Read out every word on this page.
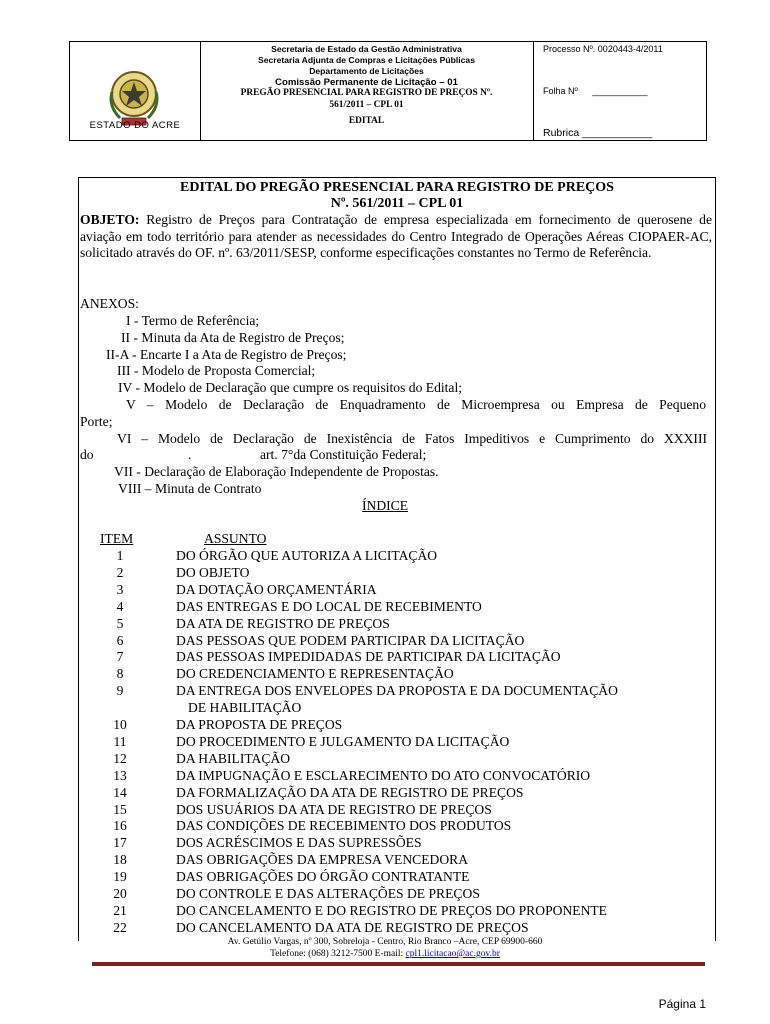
ESTADO DO ACRE
Secretaria de Estado da Gestão Administrativa
Secretaria Adjunta de Compras e Licitações Públicas
Departamento de Licitações
Comissão Permanente de Licitação – 01
PREGÃO PRESENCIAL PARA REGISTRO DE PREÇOS Nº.
561/2011 – CPL 01
EDITAL
Processo Nº. 0020443-4/2011
Folha Nº ___________
Rubrica ____________
EDITAL DO PREGÃO PRESENCIAL PARA REGISTRO DE PREÇOS
Nº. 561/2011 – CPL 01
OBJETO: Registro de Preços para Contratação de empresa especializada em fornecimento de querosene de aviação em todo território para atender as necessidades do Centro Integrado de Operações Aéreas CIOPAER-AC, solicitado através do OF. nº. 63/2011/SESP, conforme especificações constantes no Termo de Referência.
ANEXOS:
I - Termo de Referência;
II - Minuta da Ata de Registro de Preços;
II-A - Encarte I a Ata de Registro de Preços;
III - Modelo de Proposta Comercial;
IV - Modelo de Declaração que cumpre os requisitos do Edital;
V – Modelo de Declaração de Enquadramento de Microempresa ou Empresa de Pequeno
Porte;
VI – Modelo de Declaração de Inexistência de Fatos Impeditivos e Cumprimento do XXXIII
do	.	art. 7°da Constituição Federal;
VII - Declaração de Elaboração Independente de Propostas.
VIII – Minuta de Contrato
ÍNDICE
ITEM	ASSUNTO
1	DO ÓRGÃO QUE AUTORIZA A LICITAÇÃO
2	DO OBJETO
3	DA DOTAÇÃO ORÇAMENTÁRIA
4	DAS ENTREGAS E DO LOCAL DE RECEBIMENTO
5	DA ATA DE REGISTRO DE PREÇOS
6	DAS PESSOAS QUE PODEM PARTICIPAR DA LICITAÇÃO
7	DAS PESSOAS IMPEDIDADAS DE PARTICIPAR DA LICITAÇÃO
8	DO CREDENCIAMENTO E REPRESENTAÇÃO
9	DA ENTREGA DOS ENVELOPES DA PROPOSTA E DA DOCUMENTAÇÃO
DE HABILITAÇÃO
10	DA PROPOSTA DE PREÇOS
11	DO PROCEDIMENTO E JULGAMENTO DA LICITAÇÃO
12	DA HABILITAÇÃO
13	DA IMPUGNAÇÃO E ESCLARECIMENTO DO ATO CONVOCATÓRIO
14	DA FORMALIZAÇÃO DA ATA DE REGISTRO DE PREÇOS
15	DOS USUÁRIOS DA ATA DE REGISTRO DE PREÇOS
16	DAS CONDIÇÕES DE RECEBIMENTO DOS PRODUTOS
17	DOS ACRÉSCIMOS E DAS SUPRESSÕES
18	DAS OBRIGAÇÕES DA EMPRESA VENCEDORA
19	DAS OBRIGAÇÕES DO ÓRGÃO CONTRATANTE
20	DO CONTROLE E DAS ALTERAÇÕES DE PREÇOS
21	DO CANCELAMENTO E DO REGISTRO DE PREÇOS DO PROPONENTE
22	DO CANCELAMENTO DA ATA DE REGISTRO DE PREÇOS
Av. Getúlio Vargas, nº 300, Sobreloja - Centro, Rio Branco –Acre, CEP 69900-660
Telefone: (068) 3212-7500 E-mail: cpl1.licitacao@ac.gov.br
Página 1
